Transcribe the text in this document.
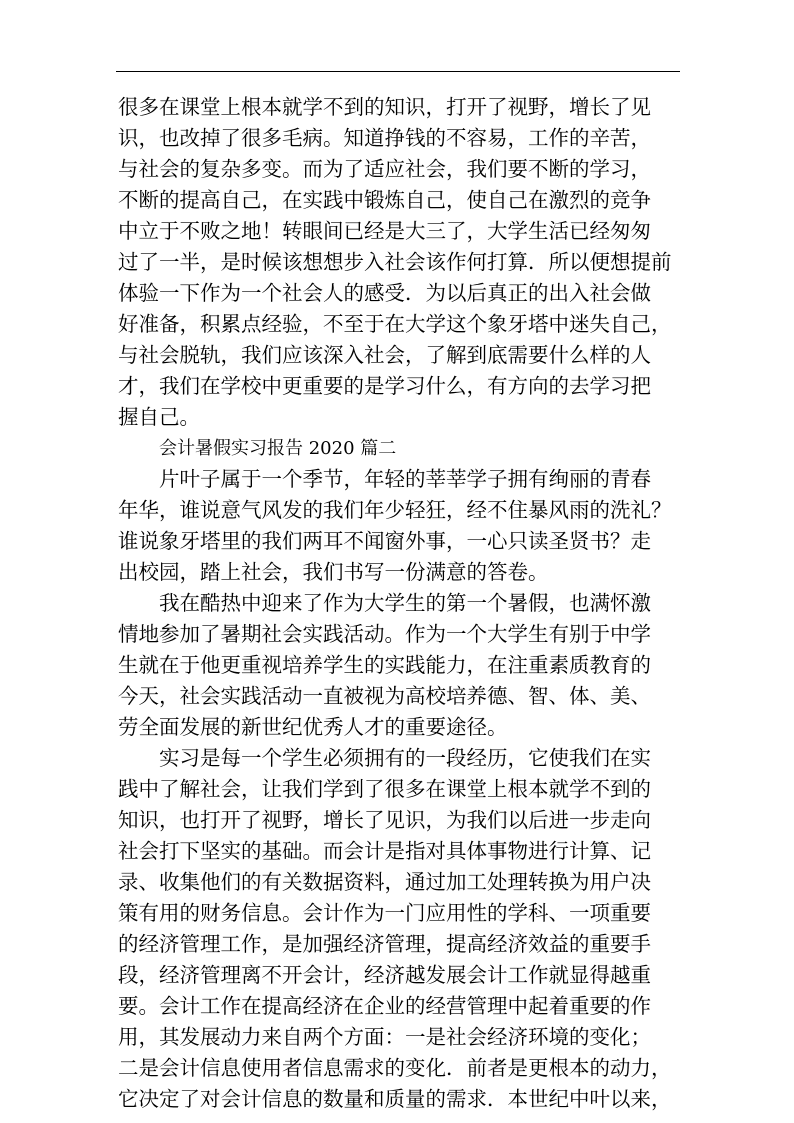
很多在课堂上根本就学不到的知识，打开了视野，增长了见
识，也改掉了很多毛病。知道挣钱的不容易，工作的辛苦，
与社会的复杂多变。而为了适应社会，我们要不断的学习，
不断的提高自己，在实践中锻炼自己，使自己在激烈的竞争
中立于不败之地！转眼间已经是大三了，大学生活已经匆匆
过了一半，是时候该想想步入社会该作何打算．所以便想提前
体验一下作为一个社会人的感受．为以后真正的出入社会做
好准备，积累点经验，不至于在大学这个象牙塔中迷失自己，
与社会脱轨，我们应该深入社会，了解到底需要什么样的人
才，我们在学校中更重要的是学习什么，有方向的去学习把
握自己。
会计暑假实习报告 2020 篇二
片叶子属于一个季节，年轻的莘莘学子拥有绚丽的青春
年华，谁说意气风发的我们年少轻狂，经不住暴风雨的洗礼？
谁说象牙塔里的我们两耳不闻窗外事，一心只读圣贤书？走
出校园，踏上社会，我们书写一份满意的答卷。
我在酷热中迎来了作为大学生的第一个暑假，也满怀激
情地参加了暑期社会实践活动。作为一个大学生有别于中学
生就在于他更重视培养学生的实践能力，在注重素质教育的
今天，社会实践活动一直被视为高校培养德、智、体、美、
劳全面发展的新世纪优秀人才的重要途径。
实习是每一个学生必须拥有的一段经历，它使我们在实
践中了解社会，让我们学到了很多在课堂上根本就学不到的
知识，也打开了视野，增长了见识，为我们以后进一步走向
社会打下坚实的基础。而会计是指对具体事物进行计算、记
录、收集他们的有关数据资料，通过加工处理转换为用户决
策有用的财务信息。会计作为一门应用性的学科、一项重要
的经济管理工作，是加强经济管理，提高经济效益的重要手
段，经济管理离不开会计，经济越发展会计工作就显得越重
要。会计工作在提高经济在企业的经营管理中起着重要的作
用，其发展动力来自两个方面：一是社会经济环境的变化；
二是会计信息使用者信息需求的变化．前者是更根本的动力，
它决定了对会计信息的数量和质量的需求．本世纪中叶以来，
